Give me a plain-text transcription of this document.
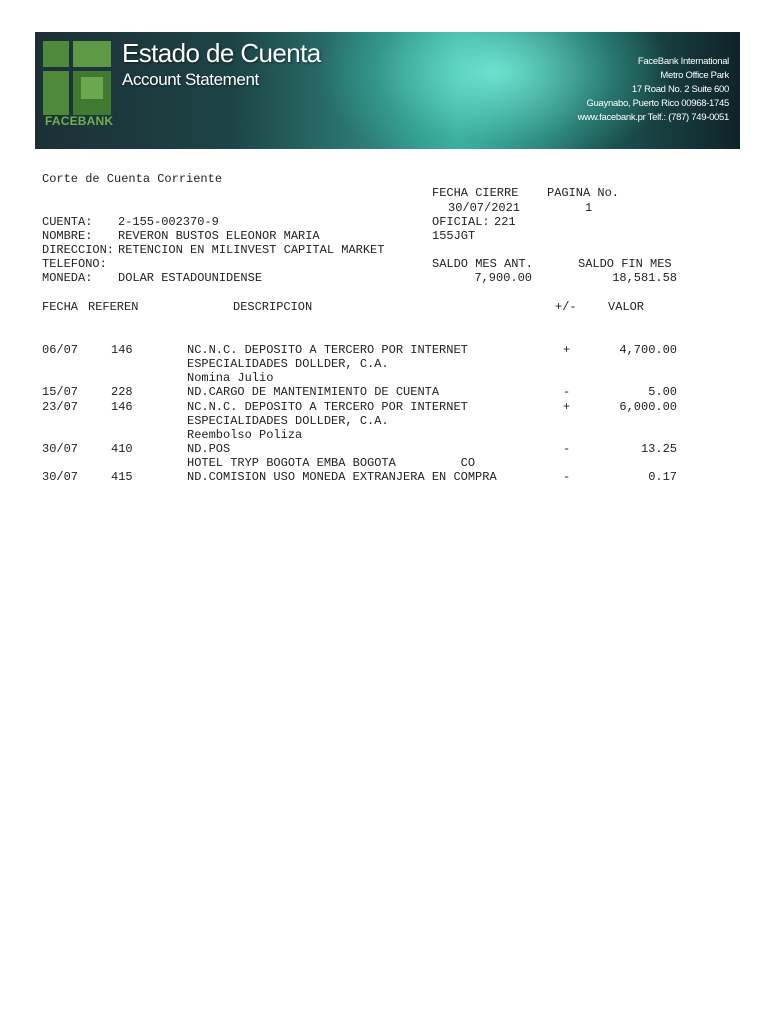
FACEBANK
Estado de Cuenta
Account Statement
FaceBank International
Metro Office Park
17 Road No. 2 Suite 600
Guaynabo, Puerto Rico 00968-1745
www.facebank.pr Telf.: (787) 749-0051
Corte de Cuenta Corriente
FECHA CIERRE PAGINA No.
30/07/2021	1
CUENTA: 2-155-002370-9	OFICIAL: 221
NOMBRE: REVERON BUSTOS ELEONOR MARIA	155JGT
DIRECCION: RETENCION EN MILINVEST CAPITAL MARKET
TELEFONO:	SALDO MES ANT.	SALDO FIN MES
MONEDA: DOLAR ESTADOUNIDENSE	7,900.00	18,581.58
FECHA REFEREN	DESCRIPCION	+/-	VALOR
06/07	146	NC.N.C. DEPOSITO A TERCERO POR INTERNET	+	4,700.00
ESPECIALIDADES DOLLDER, C.A.
Nomina Julio
15/07	228	ND.CARGO DE MANTENIMIENTO DE CUENTA	-	5.00
23/07	146	NC.N.C. DEPOSITO A TERCERO POR INTERNET	+	6,000.00
ESPECIALIDADES DOLLDER, C.A.
Reembolso Poliza
30/07	410	ND.POS	-	13.25
HOTEL TRYP BOGOTA EMBA BOGOTA         CO
30/07	415	ND.COMISION USO MONEDA EXTRANJERA EN COMPRA	-	0.17
